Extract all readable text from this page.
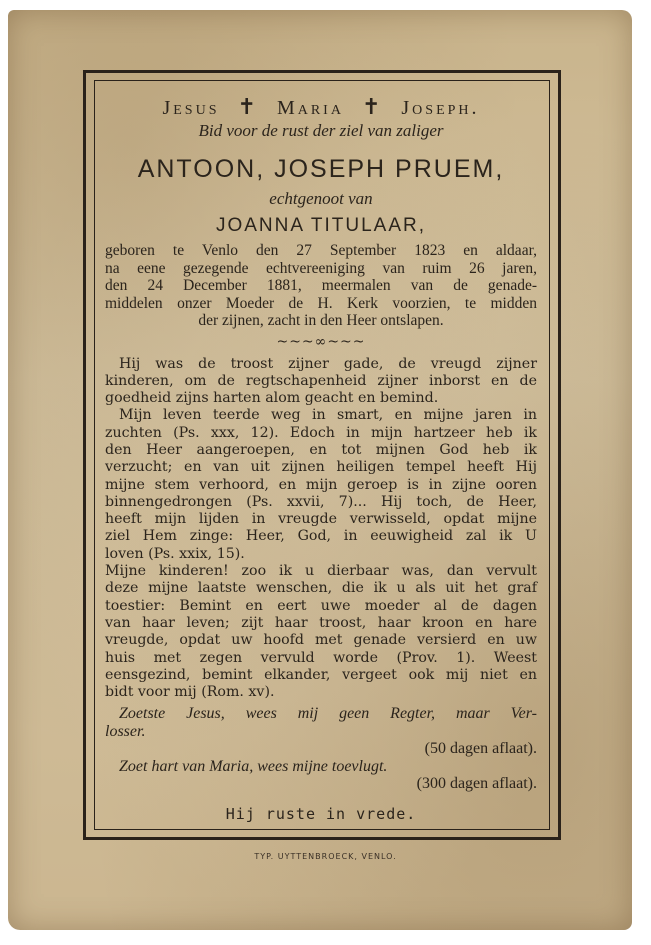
Jesus ✝ Maria ✝ Joseph.
Bid voor de rust der ziel van zaliger
ANTOON, JOSEPH PRUEM,
echtgenoot van
JOANNA TITULAAR,
geboren te Venlo den 27 September 1823 en aldaar,
na eene gezegende echtvereeniging van ruim 26 jaren,
den 24 December 1881, meermalen van de genade-
middelen onzer Moeder de H. Kerk voorzien, te midden
der zijnen, zacht in den Heer ontslapen.
~~~∞~~~
Hij was de troost zijner gade, de vreugd zijner
kinderen, om de regtschapenheid zijner inborst en de
goedheid zijns harten alom geacht en bemind.
Mijn leven teerde weg in smart, en mijne jaren in
zuchten (Ps. xxx, 12). Edoch in mijn hartzeer heb ik
den Heer aangeroepen, en tot mijnen God heb ik
verzucht; en van uit zijnen heiligen tempel heeft Hij
mijne stem verhoord, en mijn geroep is in zijne ooren
binnengedrongen (Ps. xxvii, 7)... Hij toch, de Heer,
heeft mijn lijden in vreugde verwisseld, opdat mijne
ziel Hem zinge: Heer, God, in eeuwigheid zal ik U
loven (Ps. xxix, 15).
Mijne kinderen! zoo ik u dierbaar was, dan vervult
deze mijne laatste wenschen, die ik u als uit het graf
toestier: Bemint en eert uwe moeder al de dagen
van haar leven; zijt haar troost, haar kroon en hare
vreugde, opdat uw hoofd met genade versierd en uw
huis met zegen vervuld worde (Prov. 1). Weest
eensgezind, bemint elkander, vergeet ook mij niet en
bidt voor mij (Rom. xv).
Zoetste Jesus, wees mij geen Regter, maar Ver-
losser.
(50 dagen aflaat).
Zoet hart van Maria, wees mijne toevlugt.
(300 dagen aflaat).
Hij ruste in vrede.
TYP. UYTTENBROECK, VENLO.
